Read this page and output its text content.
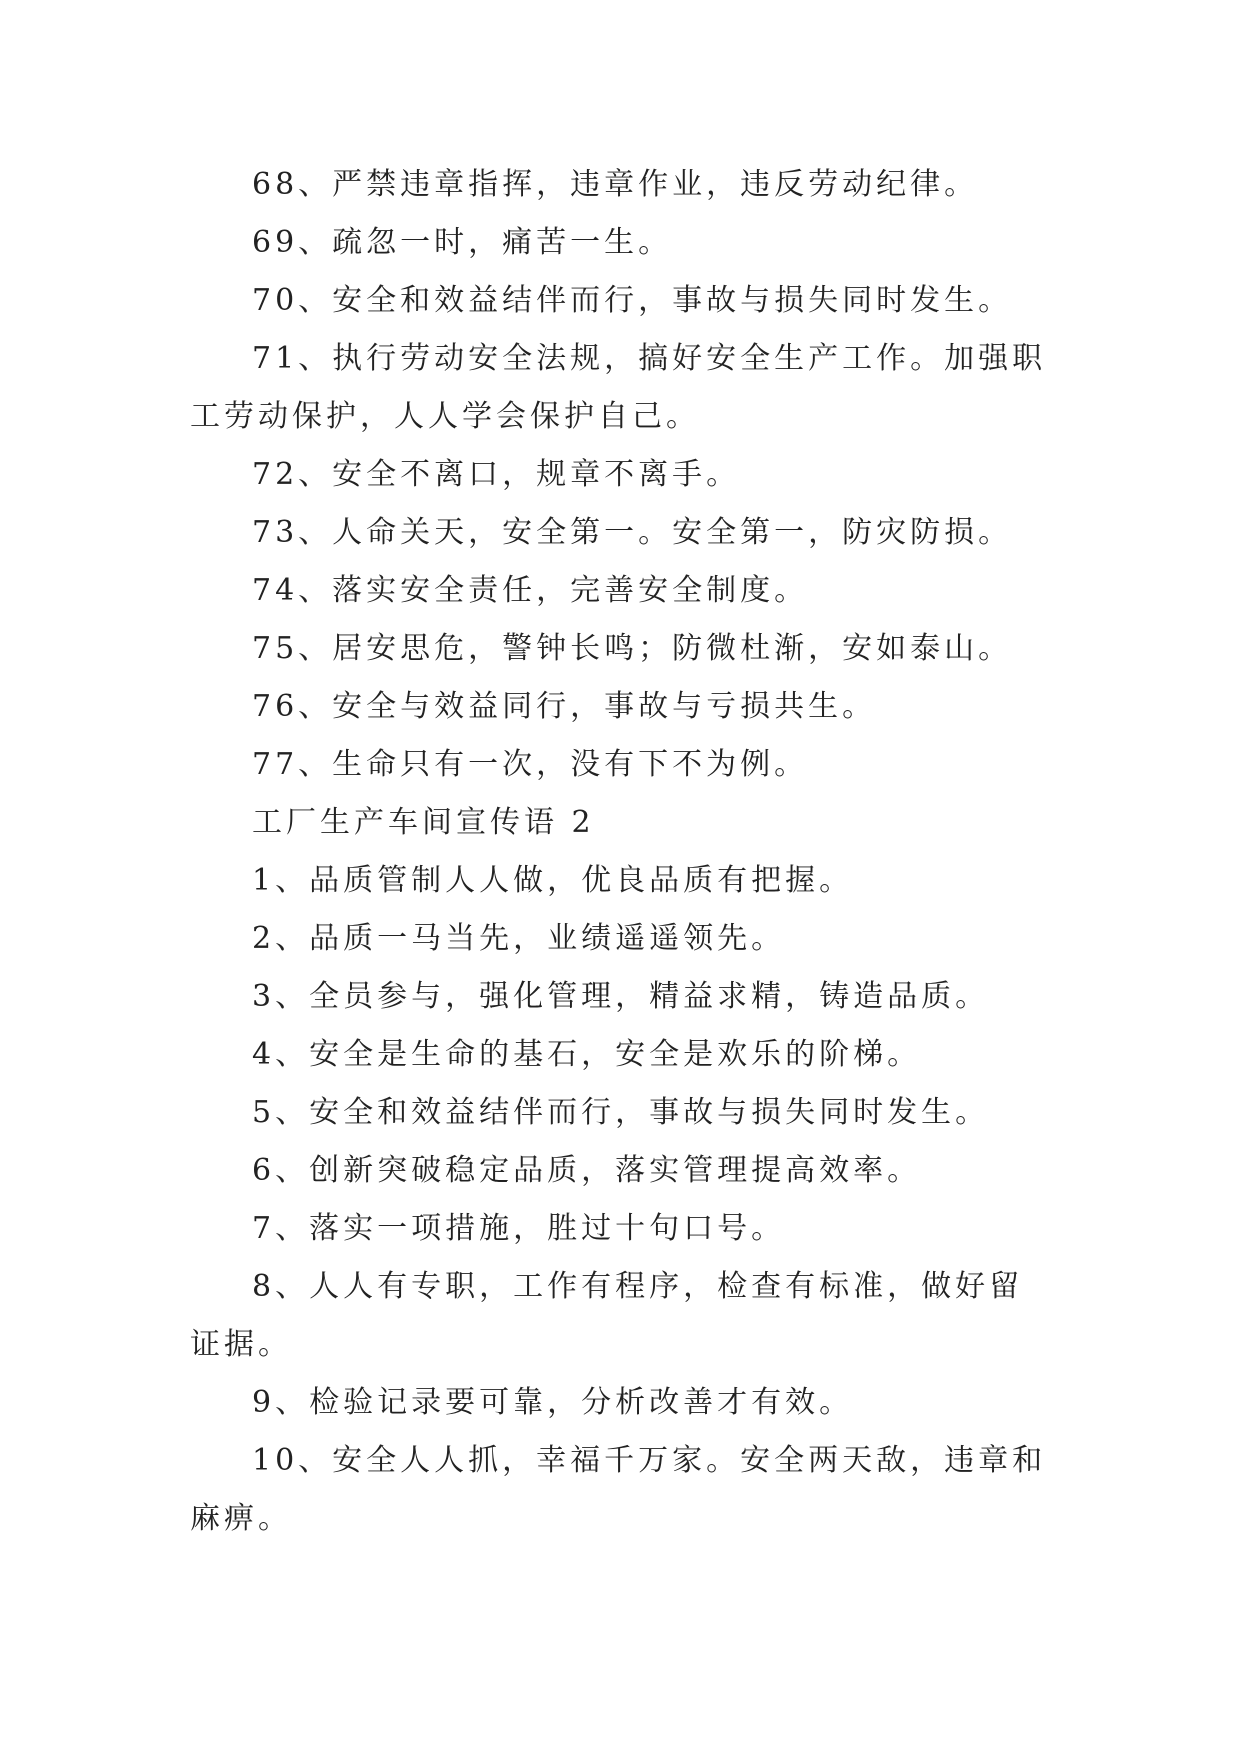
68、严禁违章指挥，违章作业，违反劳动纪律。

69、疏忽一时，痛苦一生。

70、安全和效益结伴而行，事故与损失同时发生。

71、执行劳动安全法规，搞好安全生产工作。加强职工劳动保护，人人学会保护自己。

72、安全不离口，规章不离手。

73、人命关天，安全第一。安全第一，防灾防损。

74、落实安全责任，完善安全制度。

75、居安思危，警钟长鸣；防微杜渐，安如泰山。

76、安全与效益同行，事故与亏损共生。

77、生命只有一次，没有下不为例。

工厂生产车间宣传语 2

1、品质管制人人做，优良品质有把握。

2、品质一马当先，业绩遥遥领先。

3、全员参与，强化管理，精益求精，铸造品质。

4、安全是生命的基石，安全是欢乐的阶梯。

5、安全和效益结伴而行，事故与损失同时发生。

6、创新突破稳定品质，落实管理提高效率。

7、落实一项措施，胜过十句口号。

8、人人有专职，工作有程序，检查有标准，做好留证据。

9、检验记录要可靠，分析改善才有效。

10、安全人人抓，幸福千万家。安全两天敌，违章和麻痹。
